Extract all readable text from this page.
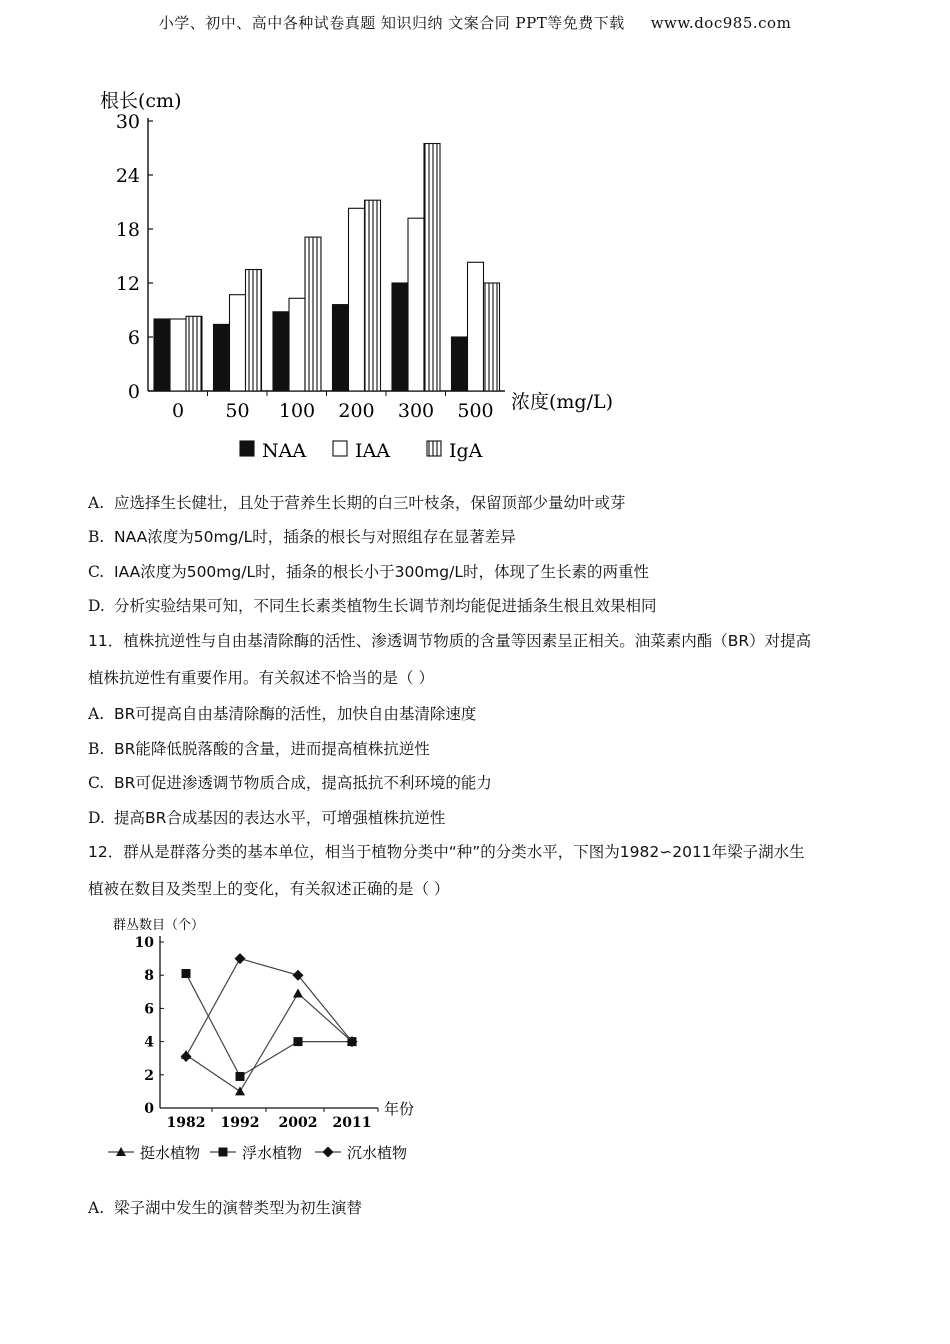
小学、初中、高中各种试卷真题 知识归纳 文案合同 PPT等免费下载 www.doc985.com
根长(cm)
30
24
18
12
6
0
0 50 100 200 300 500 浓度(mg/L)
NAA	IAA	IgA
A. 应选择生长健壮，且处于营养生长期的白三叶枝条，保留顶部少量幼叶或芽
B. NAA浓度为50mg/L时，插条的根长与对照组存在显著差异
C. IAA浓度为500mg/L时，插条的根长小于300mg/L时，体现了生长素的两重性
D. 分析实验结果可知，不同生长素类植物生长调节剂均能促进插条生根且效果相同
11．植株抗逆性与自由基清除酶的活性、渗透调节物质的含量等因素呈正相关。油菜素内酯（BR）对提高
植株抗逆性有重要作用。有关叙述不恰当的是（ ）
A. BR可提高自由基清除酶的活性，加快自由基清除速度
B. BR能降低脱落酸的含量，进而提高植株抗逆性
C. BR可促进渗透调节物质合成，提高抵抗不利环境的能力
D. 提高BR合成基因的表达水平，可增强植株抗逆性
12．群从是群落分类的基本单位，相当于植物分类中“种”的分类水平，下图为1982∽2011年梁子湖水生
植被在数目及类型上的变化，有关叙述正确的是（ ）
群丛数目（个）
10
8
6
4
2
0
1982 1992 2002 2011
年份
挺水植物	浮水植物	沉水植物
A. 梁子湖中发生的演替类型为初生演替
